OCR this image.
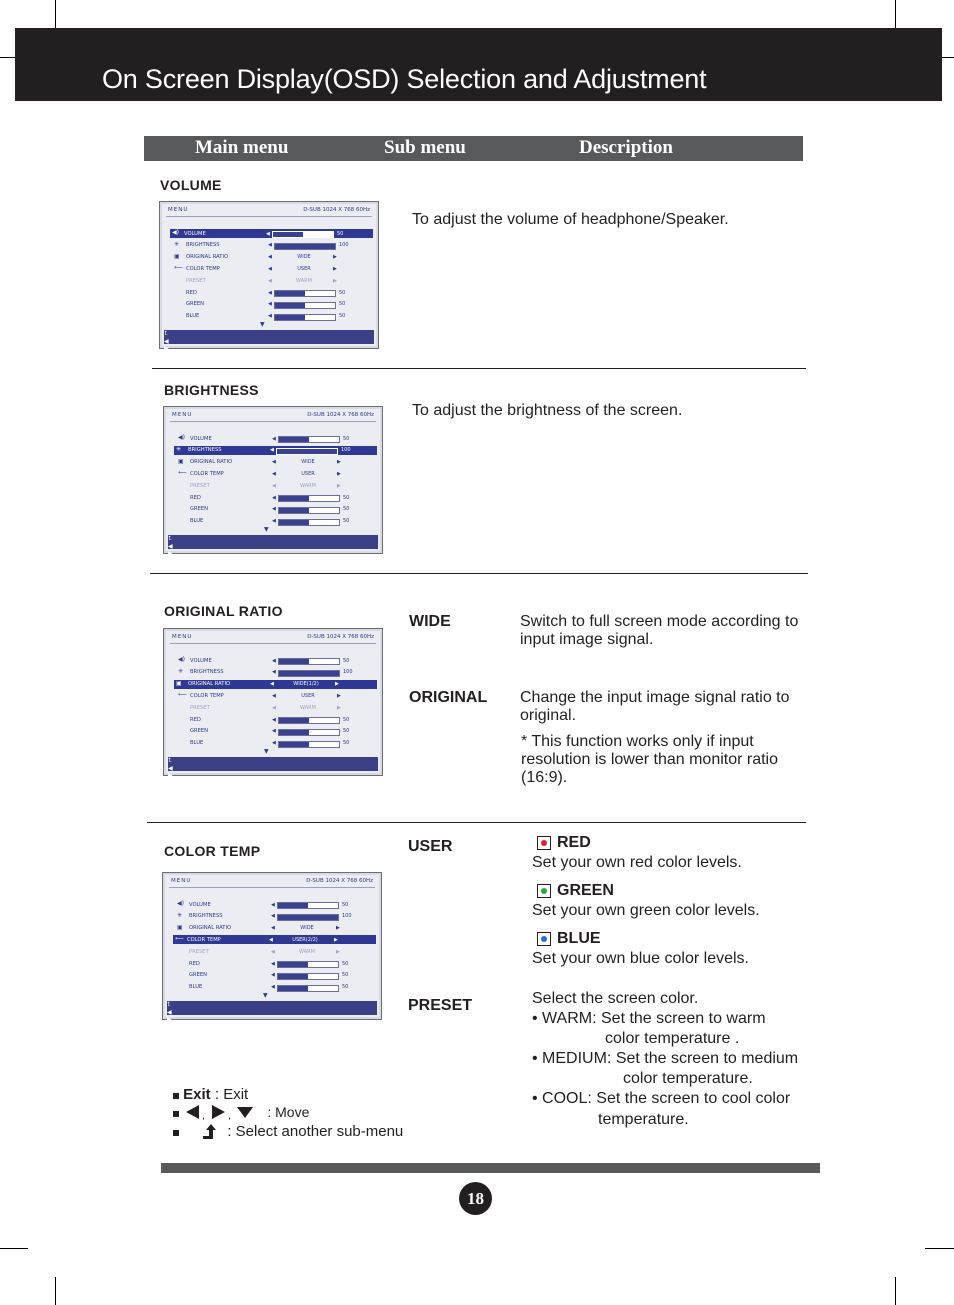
On Screen Display(OSD) Selection and Adjustment
Main menu	Sub menu	Description
VOLUME
MENU	D-SUB 1024 X 768 60Hz
◀) VOLUME	◀	50
✳ BRIGHTNESS	◀	100
▣ ORIGINAL RATIO	◀	WIDE	▶
⟵ COLOR TEMP	◀	USER	▶
PRESET	◀	WARM	▶
RED	◀	50
GREEN	◀	50
BLUE	◀	50
▼
⮤
◀
▶
▼
EXIT
To adjust the volume of headphone/Speaker.
BRIGHTNESS
MENU	D-SUB 1024 X 768 60Hz
◀) VOLUME	◀	50
✳ BRIGHTNESS	◀	100
▣ ORIGINAL RATIO	◀	WIDE	▶
⟵ COLOR TEMP	◀	USER	▶
PRESET	◀	WARM	▶
RED	◀	50
GREEN	◀	50
BLUE	◀	50
▼
⮤
◀
▶
▼
EXIT
To adjust the brightness of the screen.
ORIGINAL RATIO
MENU	D-SUB 1024 X 768 60Hz
◀) VOLUME	◀	50
✳ BRIGHTNESS	◀	100
▣ ORIGINAL RATIO	◀	WIDE(1/2)	▶
⟵ COLOR TEMP	◀	USER	▶
PRESET	◀	WARM	▶
RED	◀	50
GREEN	◀	50
BLUE	◀	50
▼
⮤
◀
▶
▼
EXIT
WIDE	Switch to full screen mode according to input image signal.
ORIGINAL Change the input image signal ratio to original.
* This function works only if input resolution is lower than monitor ratio (16:9).
COLOR TEMP
MENU	D-SUB 1024 X 768 60Hz
◀) VOLUME	◀	50
✳ BRIGHTNESS	◀	100
▣ ORIGINAL RATIO	◀	WIDE	▶
⟵ COLOR TEMP	◀	USER(2/2)	▶
PRESET	◀	WARM	▶
RED	◀	50
GREEN	◀	50
BLUE	◀	50
▼
⮤
◀
▶
▼
EXIT
USER	RED
Set your own red color levels.
GREEN
Set your own green color levels.
BLUE
Set your own blue color levels.
PRESET	Select the screen color.
• WARM: Set the screen to warm
color temperature .
• MEDIUM: Set the screen to medium
color temperature.
• COOL: Set the screen to cool color
temperature.
Exit : Exit

, ,	: Move
: Select another sub-menu
18
